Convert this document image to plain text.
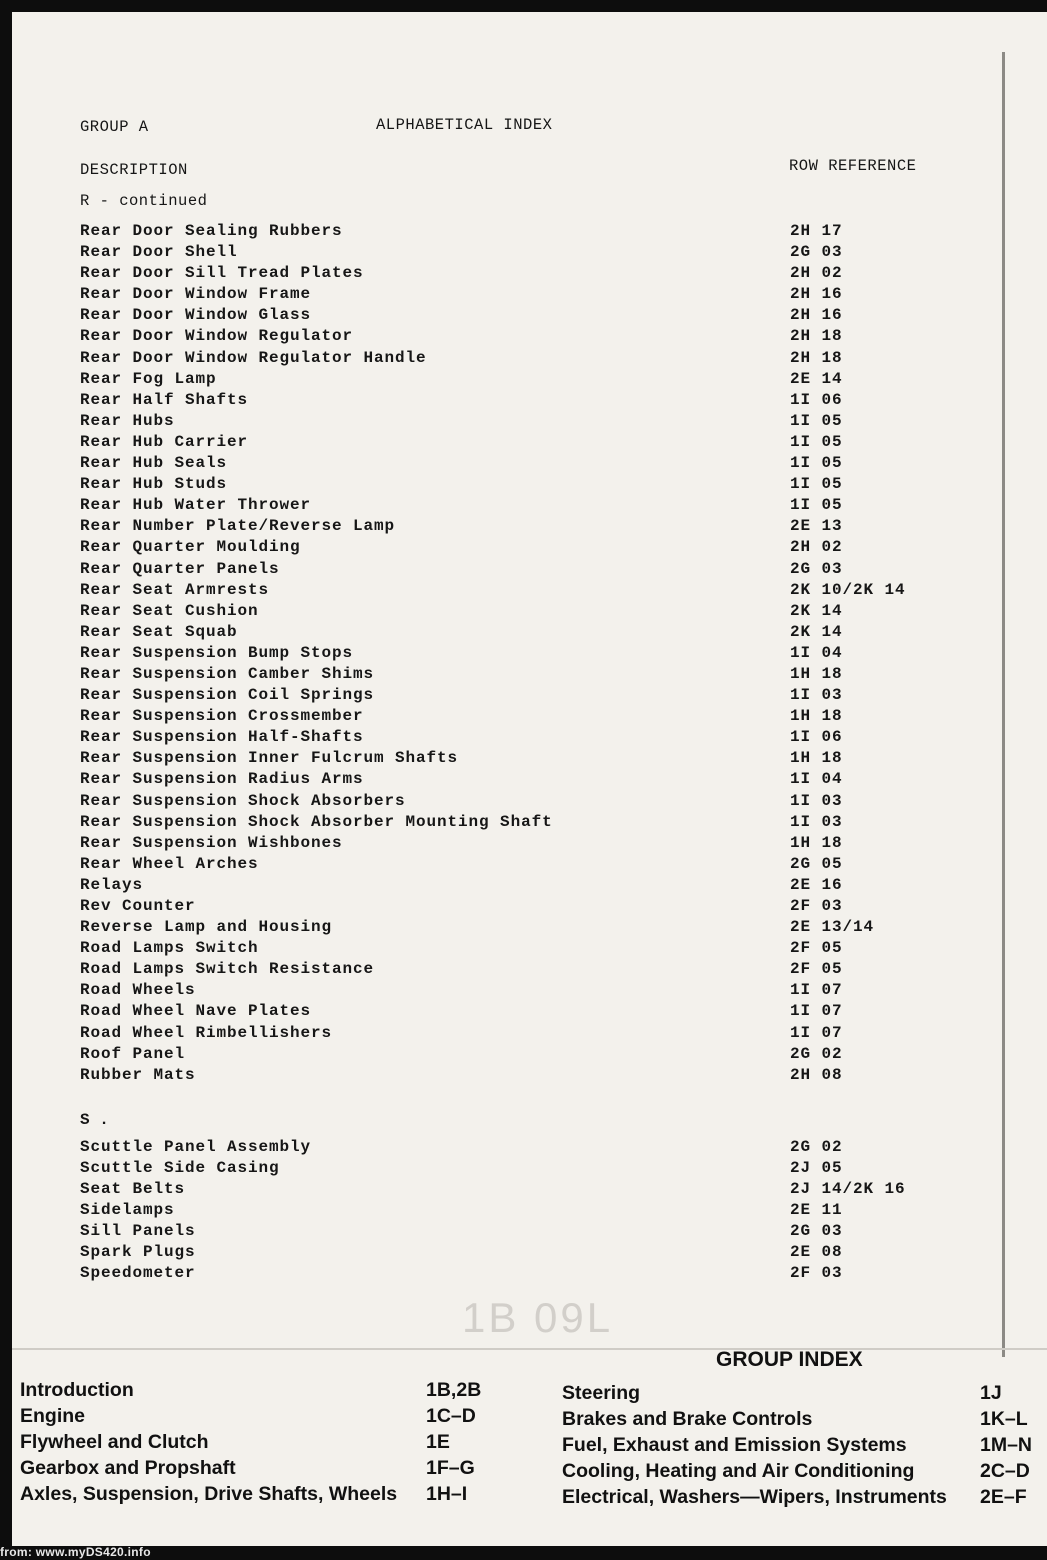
GROUP A	ALPHABETICAL INDEX
DESCRIPTION	ROW REFERENCE
R - continued
Rear Door Sealing Rubbers	2H 17
Rear Door Shell	2G 03
Rear Door Sill Tread Plates	2H 02
Rear Door Window Frame	2H 16
Rear Door Window Glass	2H 16
Rear Door Window Regulator	2H 18
Rear Door Window Regulator Handle	2H 18
Rear Fog Lamp	2E 14
Rear Half Shafts	1I 06
Rear Hubs	1I 05
Rear Hub Carrier	1I 05
Rear Hub Seals	1I 05
Rear Hub Studs	1I 05
Rear Hub Water Thrower	1I 05
Rear Number Plate/Reverse Lamp	2E 13
Rear Quarter Moulding	2H 02
Rear Quarter Panels	2G 03
Rear Seat Armrests	2K 10/2K 14
Rear Seat Cushion	2K 14
Rear Seat Squab	2K 14
Rear Suspension Bump Stops	1I 04
Rear Suspension Camber Shims	1H 18
Rear Suspension Coil Springs	1I 03
Rear Suspension Crossmember	1H 18
Rear Suspension Half-Shafts	1I 06
Rear Suspension Inner Fulcrum Shafts	1H 18
Rear Suspension Radius Arms	1I 04
Rear Suspension Shock Absorbers	1I 03
Rear Suspension Shock Absorber Mounting Shaft	1I 03
Rear Suspension Wishbones	1H 18
Rear Wheel Arches	2G 05
Relays	2E 16
Rev Counter	2F 03
Reverse Lamp and Housing	2E 13/14
Road Lamps Switch	2F 05
Road Lamps Switch Resistance	2F 05
Road Wheels	1I 07
Road Wheel Nave Plates	1I 07
Road Wheel Rimbellishers	1I 07
Roof Panel	2G 02
Rubber Mats	2H 08
S .
Scuttle Panel Assembly	2G 02
Scuttle Side Casing	2J 05
Seat Belts	2J 14/2K 16
Sidelamps	2E 11
Sill Panels	2G 03
Spark Plugs	2E 08
Speedometer	2F 03
1B 09L
GROUP INDEX
Introduction	1B,2B
Engine	1C–D
Flywheel and Clutch	1E
Gearbox and Propshaft	1F–G
Axles, Suspension, Drive Shafts, Wheels 1H–I
Steering	1J
Brakes and Brake Controls	1K–L
Fuel, Exhaust and Emission Systems	1M–N
Cooling, Heating and Air Conditioning	2C–D
Electrical, Washers—Wipers, Instruments 2E–F
from: www.myDS420.info
